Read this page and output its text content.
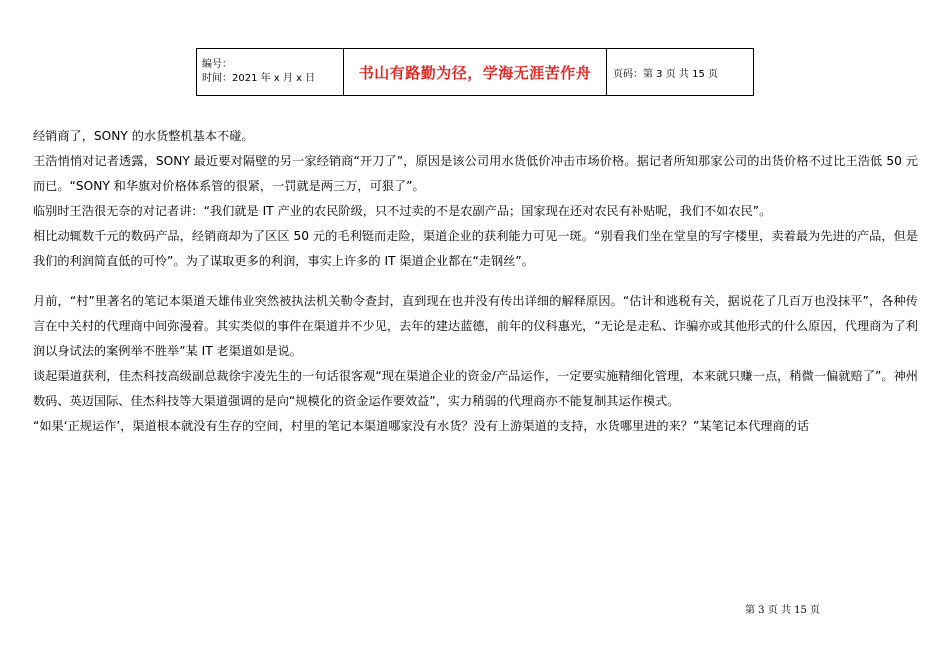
编号：
时间：2021 年 x 月 x 日	书山有路勤为径，学海无涯苦作舟	页码：第 3 页 共 15 页

经销商了，SONY 的水货整机基本不碰。

王浩悄悄对记者透露，SONY 最近要对隔壁的另一家经销商“开刀了”，原因是该公司用水货低价冲击市场价格。据记者所知那家公司的出货价格不过比王浩低 50 元而已。“SONY 和华旗对价格体系管的很紧，一罚就是两三万，可狠了”。

临别时王浩很无奈的对记者讲：“我们就是 IT 产业的农民阶级，只不过卖的不是农副产品；国家现在还对农民有补贴呢，我们不如农民”。

相比动辄数千元的数码产品，经销商却为了区区 50 元的毛利铤而走险，渠道企业的获利能力可见一斑。“别看我们坐在堂皇的写字楼里，卖着最为先进的产品，但是我们的利润简直低的可怜”。为了谋取更多的利润，事实上许多的 IT 渠道企业都在“走钢丝”。

月前，“村”里著名的笔记本渠道天雄伟业突然被执法机关勒令查封，直到现在也并没有传出详细的解释原因。“估计和逃税有关，据说花了几百万也没抹平”，各种传言在中关村的代理商中间弥漫着。其实类似的事件在渠道并不少见，去年的建达蓝德，前年的仪科惠光，“无论是走私、诈骗亦或其他形式的什么原因，代理商为了利润以身试法的案例举不胜举”某 IT 老渠道如是说。

谈起渠道获利，佳杰科技高级副总裁徐宇凌先生的一句话很客观“现在渠道企业的资金/产品运作，一定要实施精细化管理，本来就只赚一点，稍微一偏就赔了”。神州数码、英迈国际、佳杰科技等大渠道强调的是向“规模化的资金运作要效益”，实力稍弱的代理商亦不能复制其运作模式。

“如果‘正规运作’，渠道根本就没有生存的空间，村里的笔记本渠道哪家没有水货？没有上游渠道的支持，水货哪里进的来？”某笔记本代理商的话

第 3 页 共 15 页
